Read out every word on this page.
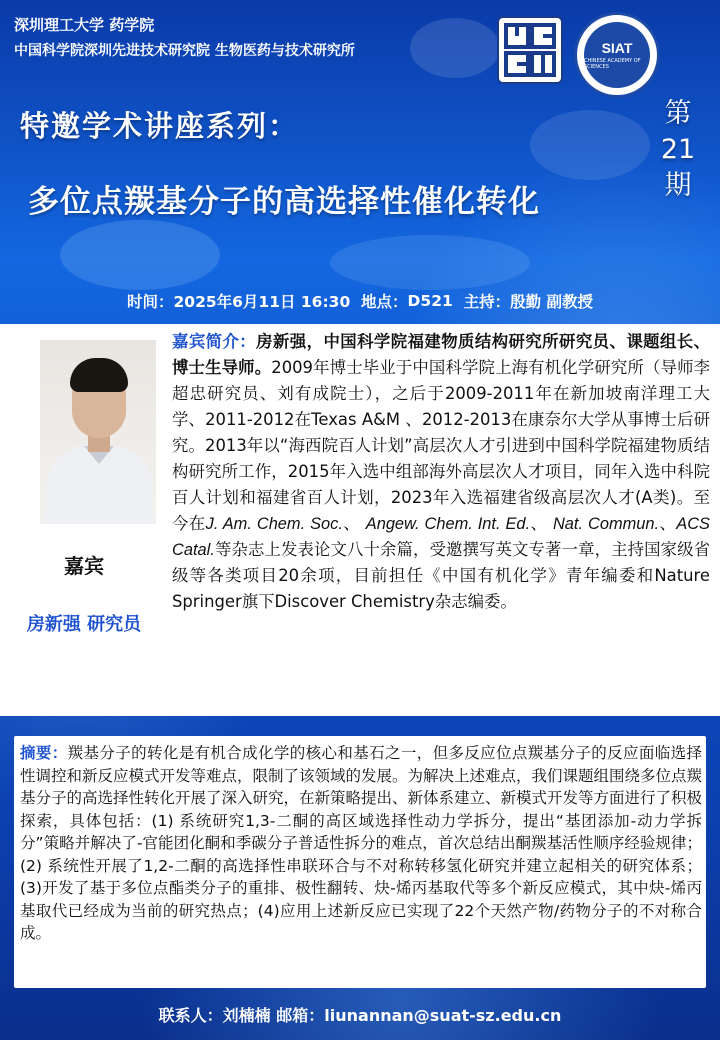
深圳理工大学 药学院
中国科学院深圳先进技术研究院 生物医药与技术研究所	SIAT
CHINESE ACADEMY OF SCIENCES
特邀学术讲座系列：
多位点羰基分子的高选择性催化转化
第
21
期
时间： 2025年6月11日 16:30
地点： D521
主持： 殷勤 副教授
嘉宾
房新强 研究员
嘉宾简介：房新强，中国科学院福建物质结构研究所研究员、课题组长、博士生导师。2009年博士毕业于中国科学院上海有机化学研究所（导师李超忠研究员、刘有成院士），之后于2009-2011年在新加坡南洋理工大学、2011-2012在Texas A&M 、2012-2013在康奈尔大学从事博士后研究。2013年以“海西院百人计划”高层次人才引进到中国科学院福建物质结构研究所工作，2015年入选中组部海外高层次人才项目，同年入选中科院百人计划和福建省百人计划，2023年入选福建省级高层次人才(A类)。至今在J. Am. Chem. Soc.、 Angew. Chem. Int. Ed.、 Nat. Commun.、ACS Catal.等杂志上发表论文八十余篇，受邀撰写英文专著一章，主持国家级省级等各类项目20余项，目前担任《中国有机化学》青年编委和Nature Springer旗下Discover Chemistry杂志编委。
摘要：羰基分子的转化是有机合成化学的核心和基石之一，但多反应位点羰基分子的反应面临选择性调控和新反应模式开发等难点，限制了该领域的发展。为解决上述难点，我们课题组围绕多位点羰基分子的高选择性转化开展了深入研究，在新策略提出、新体系建立、新模式开发等方面进行了积极探索，具体包括：(1) 系统研究1,3-二酮的高区域选择性动力学拆分，提出“基团添加-动力学拆分”策略并解决了-官能团化酮和季碳分子普适性拆分的难点，首次总结出酮羰基活性顺序经验规律；(2) 系统性开展了1,2-二酮的高选择性串联环合与不对称转移氢化研究并建立起相关的研究体系；(3)开发了基于多位点酯类分子的重排、极性翻转、炔-烯丙基取代等多个新反应模式，其中炔-烯丙基取代已经成为当前的研究热点；(4)应用上述新反应已实现了22个天然产物/药物分子的不对称合成。
联系人：刘楠楠 邮箱：liunannan@suat-sz.edu.cn
